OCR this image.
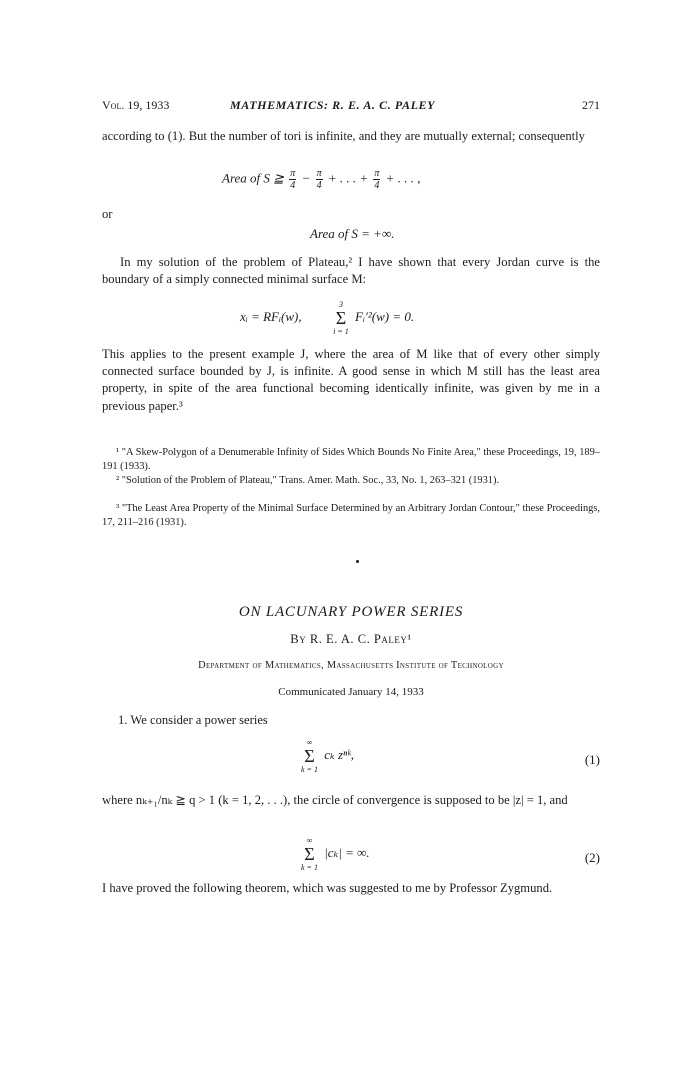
Vol. 19, 1933	MATHEMATICS: R. E. A. C. PALEY	271

according to (1). But the number of tori is infinite, and they are mutually external; consequently

Area of S ≧ $\frac{\pi}{4} - \frac{\pi}{4}$ + . . . + $\frac{\pi}{4}$ + . . . ,
or
Area of S = +∞.

In my solution of the problem of Plateau,² I have shown that every Jordan curve is the boundary of a simply connected minimal surface M:

xᵢ = RFᵢ(w),  3
Σ
i = 1 Fᵢ′²(w) = 0.

This applies to the present example J, where the area of M like that of every other simply connected surface bounded by J, is infinite. A good sense in which M still has the least area property, in spite of the area functional becoming identically infinite, was given by me in a previous paper.³

¹ "A Skew-Polygon of a Denumerable Infinity of Sides Which Bounds No Finite Area," these Proceedings, 19, 189–191 (1933).

² "Solution of the Problem of Plateau," Trans. Amer. Math. Soc., 33, No. 1, 263–321 (1931).

³ "The Least Area Property of the Minimal Surface Determined by an Arbitrary Jordan Contour," these Proceedings, 17, 211–216 (1931).

ON LACUNARY POWER SERIES
By R. E. A. C. Paley¹
Department of Mathematics, Massachusetts Institute of Technology
Communicated January 14, 1933

1. We consider a power series

∞
Σ
k = 1 cₖ zⁿᵏ,	(1)

where nₖ₊₁/nₖ ≧ q > 1 (k = 1, 2, . . .), the circle of convergence is supposed to be |z| = 1, and

∞
Σ
k = 1 |cₖ| = ∞.	(2)

I have proved the following theorem, which was suggested to me by Professor Zygmund.
